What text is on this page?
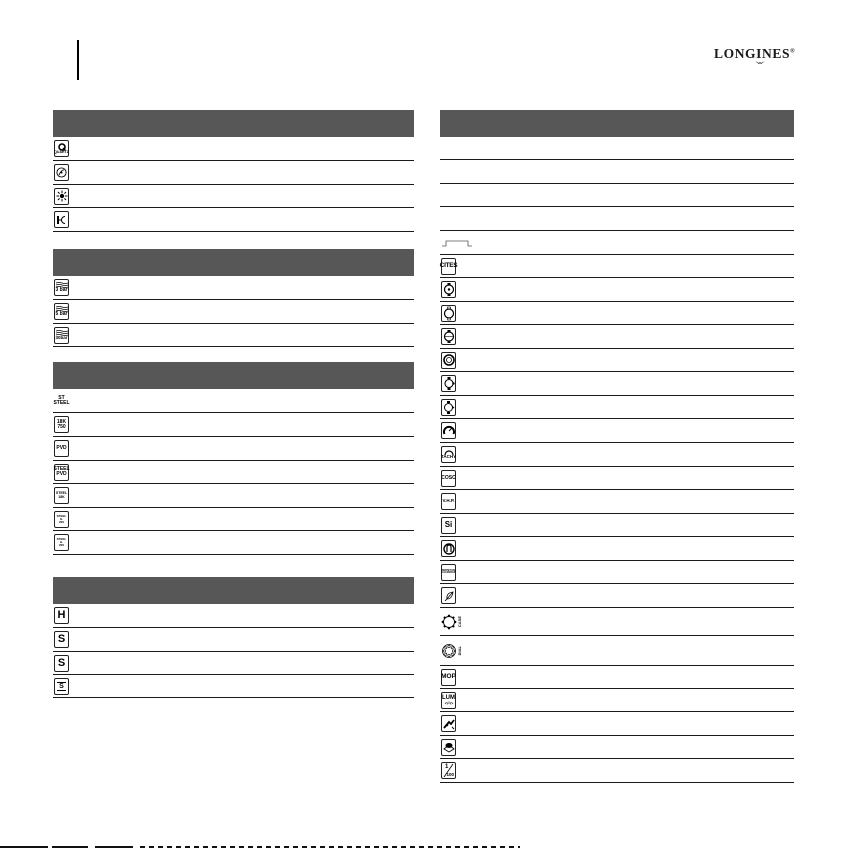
LONGINES®
QUARTZ
3 bar
5 bar
30bar
ST
STEEL
18K
750
PVD
STEEL
PVD
STEEL
18K
STEEL
G.
200
STEEL
G.
200
H
S
S
S
CITES
TACHY
COSC
V.H.P.
Si
PERPETUAL
CALENDAR
CASE
DIAL
MOP
LUM
1
100
